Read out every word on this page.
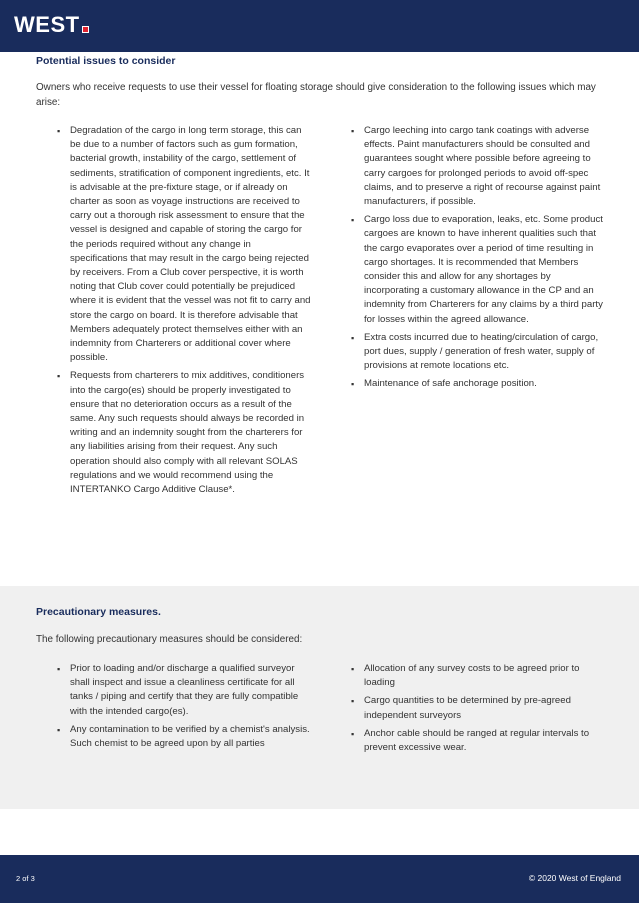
WEST
Potential issues to consider
Owners who receive requests to use their vessel for floating storage should give consideration to the following issues which may arise:
▪ Degradation of the cargo in long term storage, this can be due to a number of factors such as gum formation, bacterial growth, instability of the cargo, settlement of sediments, stratification of component ingredients, etc. It is advisable at the pre-fixture stage, or if already on charter as soon as voyage instructions are received to carry out a thorough risk assessment to ensure that the vessel is designed and capable of storing the cargo for the periods required without any change in specifications that may result in the cargo being rejected by receivers. From a Club cover perspective, it is worth noting that Club cover could potentially be prejudiced where it is evident that the vessel was not fit to carry and store the cargo on board. It is therefore advisable that Members adequately protect themselves either with an indemnity from Charterers or additional cover where possible.
▪ Requests from charterers to mix additives, conditioners into the cargo(es) should be properly investigated to ensure that no deterioration occurs as a result of the same. Any such requests should always be recorded in writing and an indemnity sought from the charterers for any liabilities arising from their request. Any such operation should also comply with all relevant SOLAS regulations and we would recommend using the INTERTANKO Cargo Additive Clause*.
▪ Cargo leeching into cargo tank coatings with adverse effects. Paint manufacturers should be consulted and guarantees sought where possible before agreeing to carry cargoes for prolonged periods to avoid off-spec claims, and to preserve a right of recourse against paint manufacturers, if possible.
▪ Cargo loss due to evaporation, leaks, etc. Some product cargoes are known to have inherent qualities such that the cargo evaporates over a period of time resulting in cargo shortages. It is recommended that Members consider this and allow for any shortages by incorporating a customary allowance in the CP and an indemnity from Charterers for any claims by a third party for losses within the agreed allowance.
▪ Extra costs incurred due to heating/circulation of cargo, port dues, supply / generation of fresh water, supply of provisions at remote locations etc.
▪ Maintenance of safe anchorage position.
Precautionary measures.
The following precautionary measures should be considered:
▪ Prior to loading and/or discharge a qualified surveyor shall inspect and issue a cleanliness certificate for all tanks / piping and certify that they are fully compatible with the intended cargo(es).
▪ Any contamination to be verified by a chemist's analysis. Such chemist to be agreed upon by all parties
▪ Allocation of any survey costs to be agreed prior to loading
▪ Cargo quantities to be determined by pre-agreed independent surveyors
▪ Anchor cable should be ranged at regular intervals to prevent excessive wear.
2 of 3	© 2020 West of England
